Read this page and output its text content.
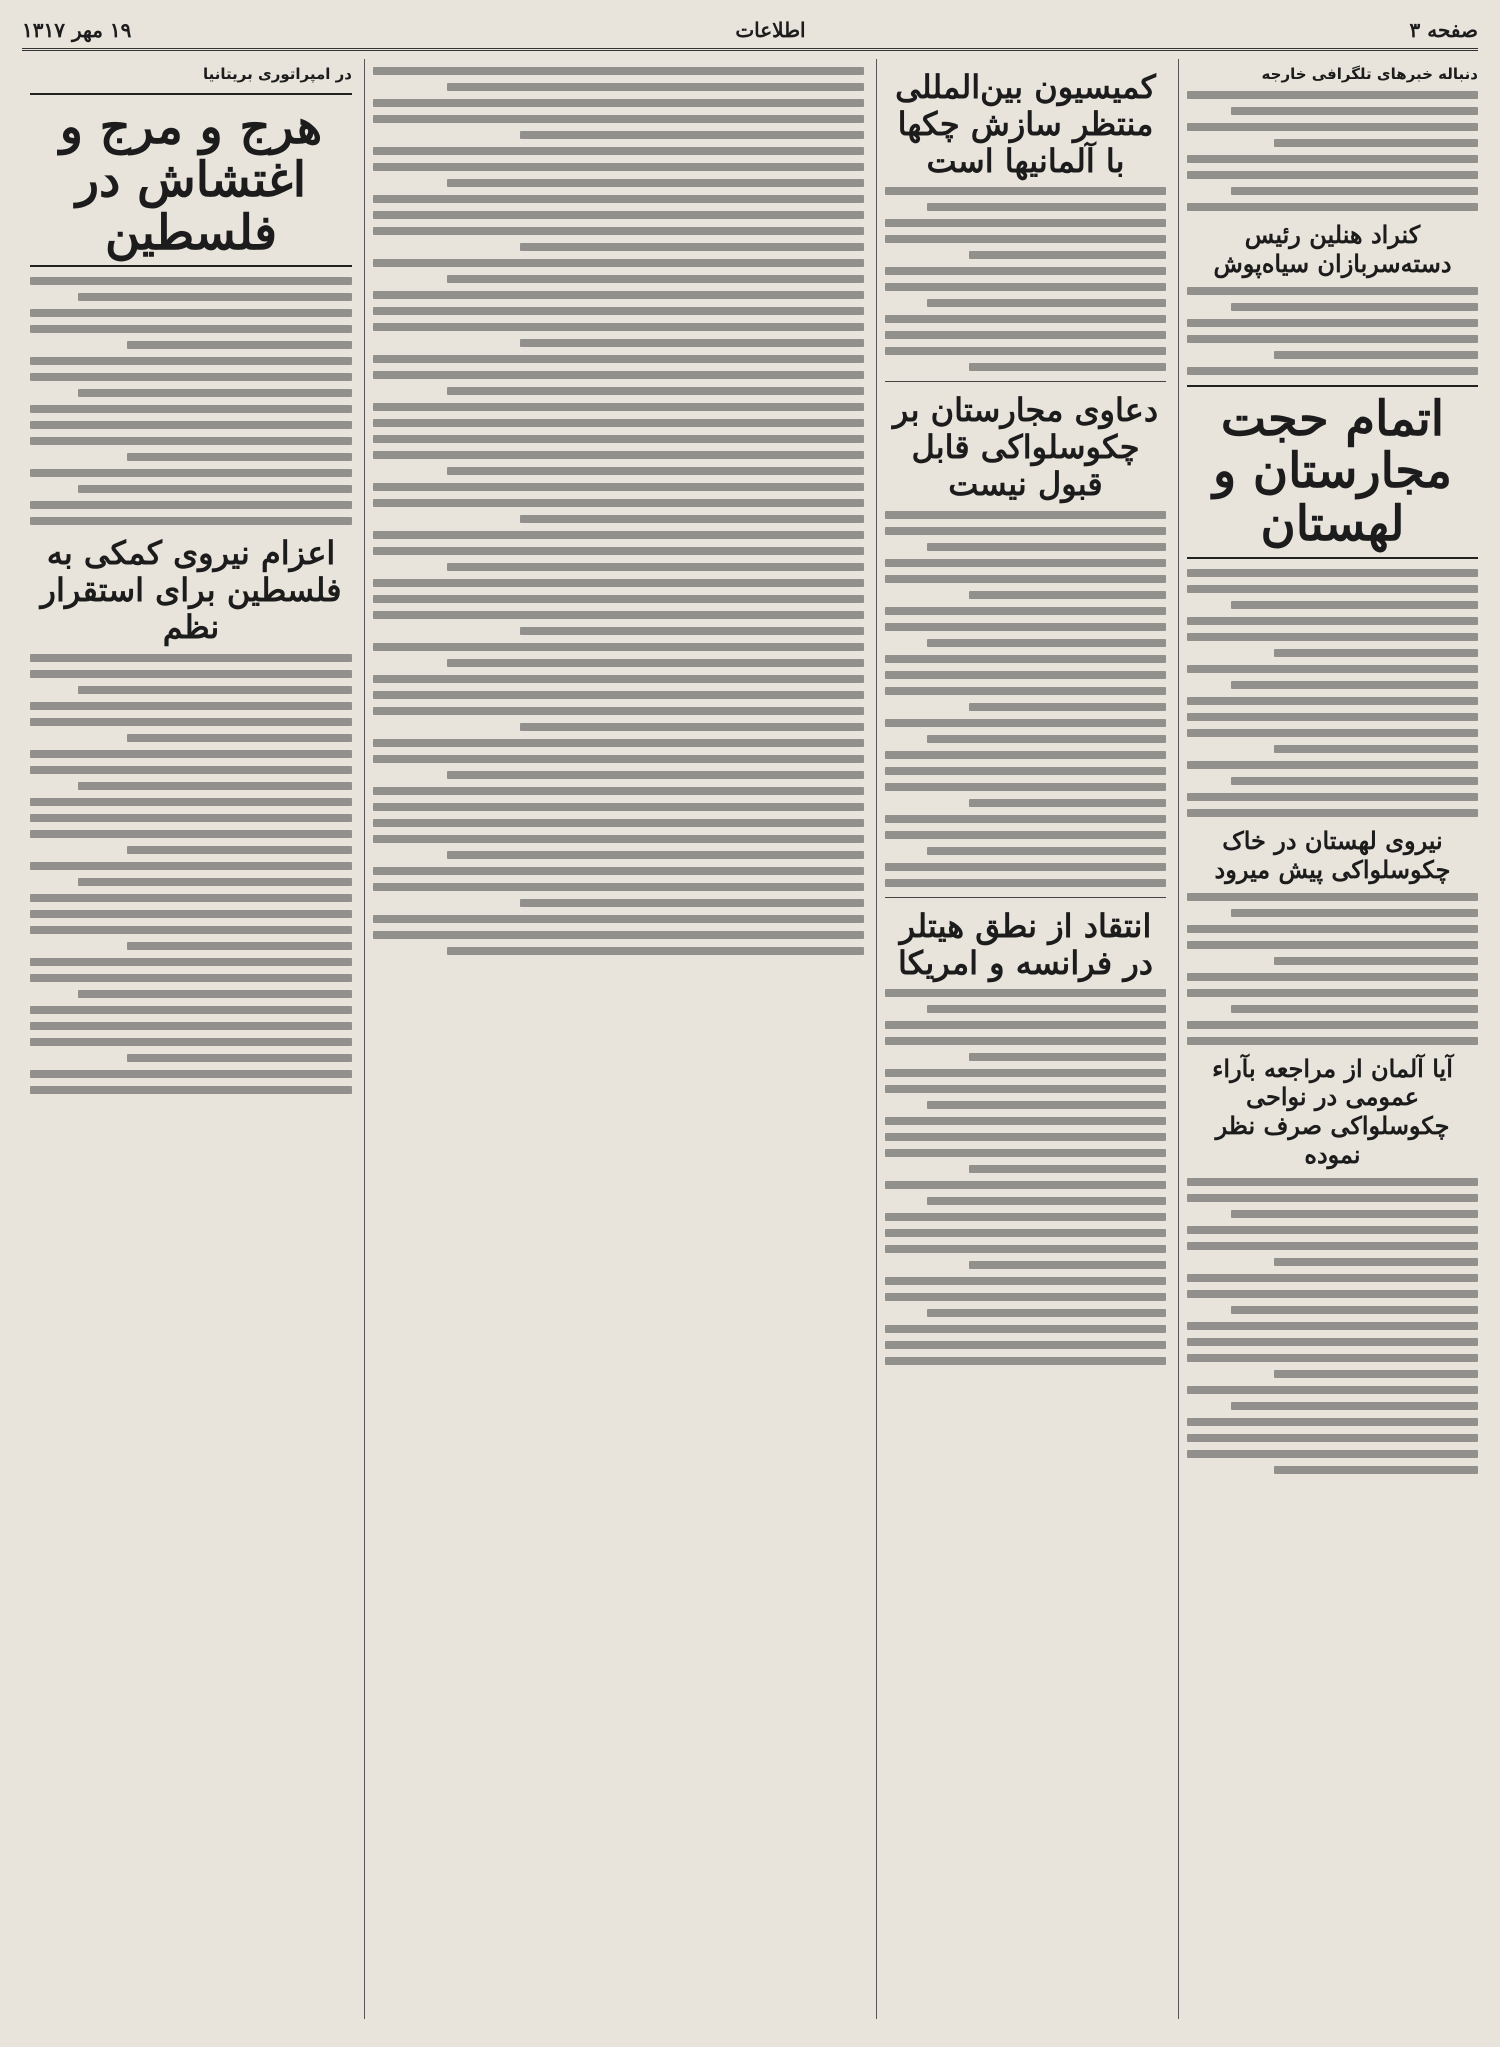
صفحه ۳
اطلاعات
۱۹ مهر ۱۳۱۷
دنباله خبرهای تلگرافی خارجه
کنراد هنلین رئیس دسته‌سربازان سیاه‌پوش
اتمام حجت مجارستان و لهستان
نیروی لهستان در خاک چکوسلواکی پیش میرود
آیا آلمان از مراجعه بآراء عمومی در نواحی چکوسلواکی صرف نظر نموده
کمیسیون بین‌المللی منتظر سازش چکها با آلمانیها است
دعاوی مجارستان بر چکوسلواکی قابل قبول نیست
انتقاد از نطق هیتلر در فرانسه و امریکا
در امپراتوری بریتانیا
هرج و مرج و اغتشاش در فلسطین
اعزام نیروی کمکی به فلسطین برای استقرار نظم
